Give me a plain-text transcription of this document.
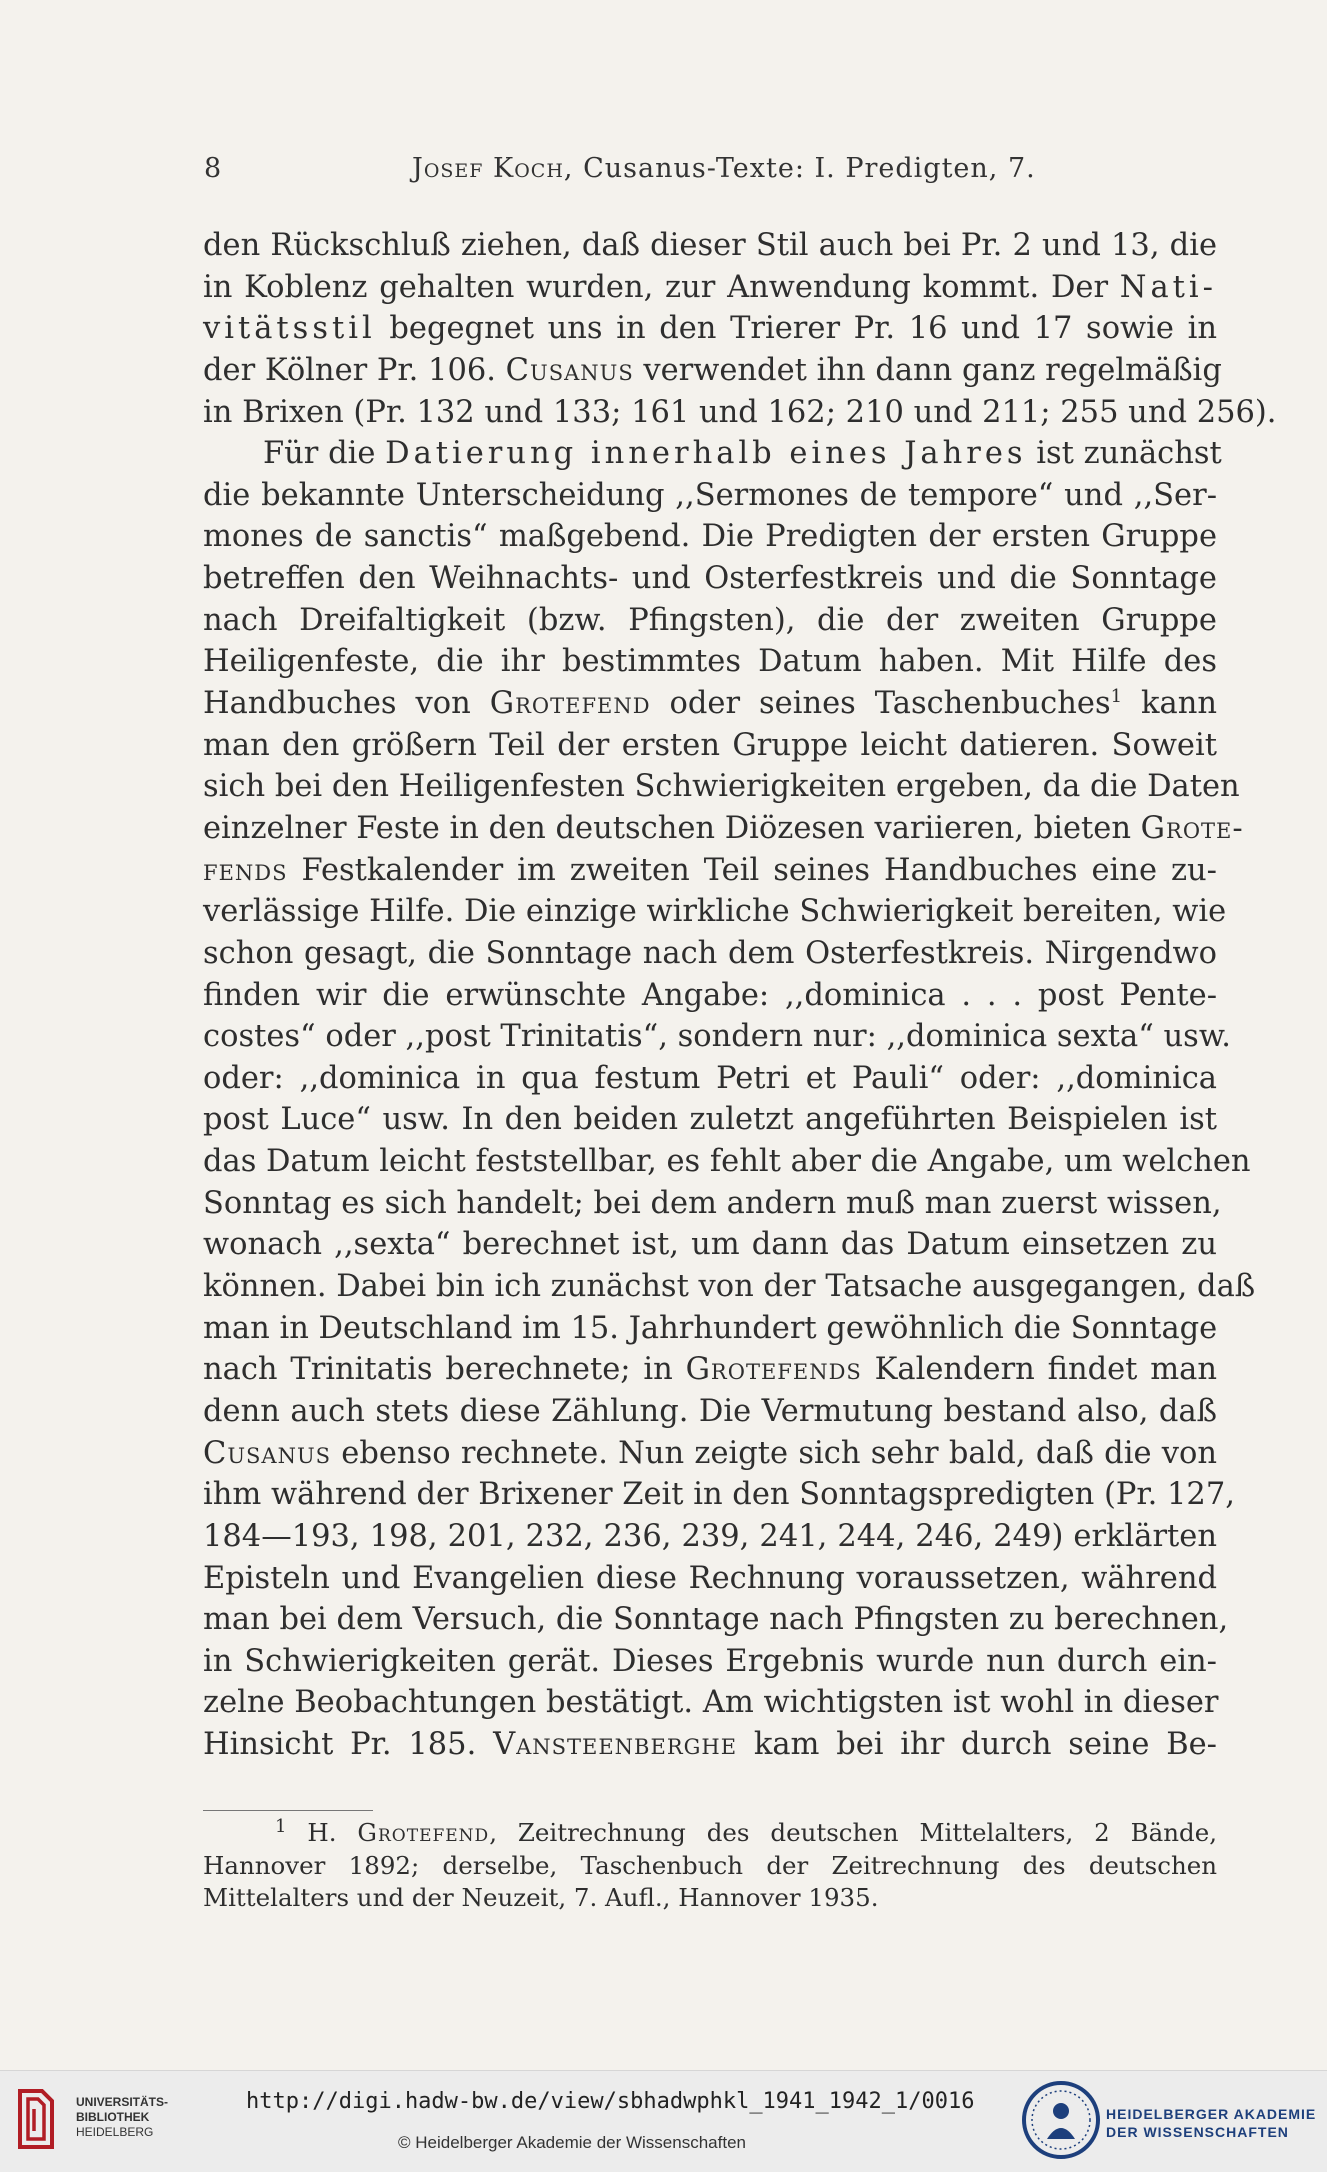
8	Josef Koch, Cusanus-Texte: I. Predigten, 7.
den Rückschluß ziehen, daß dieser Stil auch bei Pr. 2 und 13, die
in Koblenz gehalten wurden, zur Anwendung kommt. Der Nati-
vitätsstil begegnet uns in den Trierer Pr. 16 und 17 sowie in
der Kölner Pr. 106. Cusanus verwendet ihn dann ganz regelmäßig
in Brixen (Pr. 132 und 133; 161 und 162; 210 und 211; 255 und 256).
Für die Datierung innerhalb eines Jahres ist zunächst
die bekannte Unterscheidung ,,Sermones de tempore“ und ,,Ser-
mones de sanctis“ maßgebend. Die Predigten der ersten Gruppe
betreffen den Weihnachts- und Osterfestkreis und die Sonntage
nach Dreifaltigkeit (bzw. Pfingsten), die der zweiten Gruppe
Heiligenfeste, die ihr bestimmtes Datum haben. Mit Hilfe des
Handbuches von Grotefend oder seines Taschenbuches$^1$ kann
man den größern Teil der ersten Gruppe leicht datieren. Soweit
sich bei den Heiligenfesten Schwierigkeiten ergeben, da die Daten
einzelner Feste in den deutschen Diözesen variieren, bieten Grote-
fends Festkalender im zweiten Teil seines Handbuches eine zu-
verlässige Hilfe. Die einzige wirkliche Schwierigkeit bereiten, wie
schon gesagt, die Sonntage nach dem Osterfestkreis. Nirgendwo
finden wir die erwünschte Angabe: ,,dominica . . . post Pente-
costes“ oder ,,post Trinitatis“, sondern nur: ,,dominica sexta“ usw.
oder: ,,dominica in qua festum Petri et Pauli“ oder: ,,dominica
post Luce“ usw. In den beiden zuletzt angeführten Beispielen ist
das Datum leicht feststellbar, es fehlt aber die Angabe, um welchen
Sonntag es sich handelt; bei dem andern muß man zuerst wissen,
wonach ,,sexta“ berechnet ist, um dann das Datum einsetzen zu
können. Dabei bin ich zunächst von der Tatsache ausgegangen, daß
man in Deutschland im 15. Jahrhundert gewöhnlich die Sonntage
nach Trinitatis berechnete; in Grotefends Kalendern findet man
denn auch stets diese Zählung. Die Vermutung bestand also, daß
Cusanus ebenso rechnete. Nun zeigte sich sehr bald, daß die von
ihm während der Brixener Zeit in den Sonntagspredigten (Pr. 127,
184—193, 198, 201, 232, 236, 239, 241, 244, 246, 249) erklärten
Episteln und Evangelien diese Rechnung voraussetzen, während
man bei dem Versuch, die Sonntage nach Pfingsten zu berechnen,
in Schwierigkeiten gerät. Dieses Ergebnis wurde nun durch ein-
zelne Beobachtungen bestätigt. Am wichtigsten ist wohl in dieser
Hinsicht Pr. 185. Vansteenberghe kam bei ihr durch seine Be-
$^1$ H. Grotefend, Zeitrechnung des deutschen Mittelalters, 2 Bände,
Hannover 1892; derselbe, Taschenbuch der Zeitrechnung des deutschen
Mittelalters und der Neuzeit, 7. Aufl., Hannover 1935.
UNIVERSITÄTS-
BIBLIOTHEK
HEIDELBERG
http://digi.hadw-bw.de/view/sbhadwphkl_1941_1942_1/0016
© Heidelberger Akademie der Wissenschaften
HEIDELBERGER AKADEMIE
DER WISSENSCHAFTEN
